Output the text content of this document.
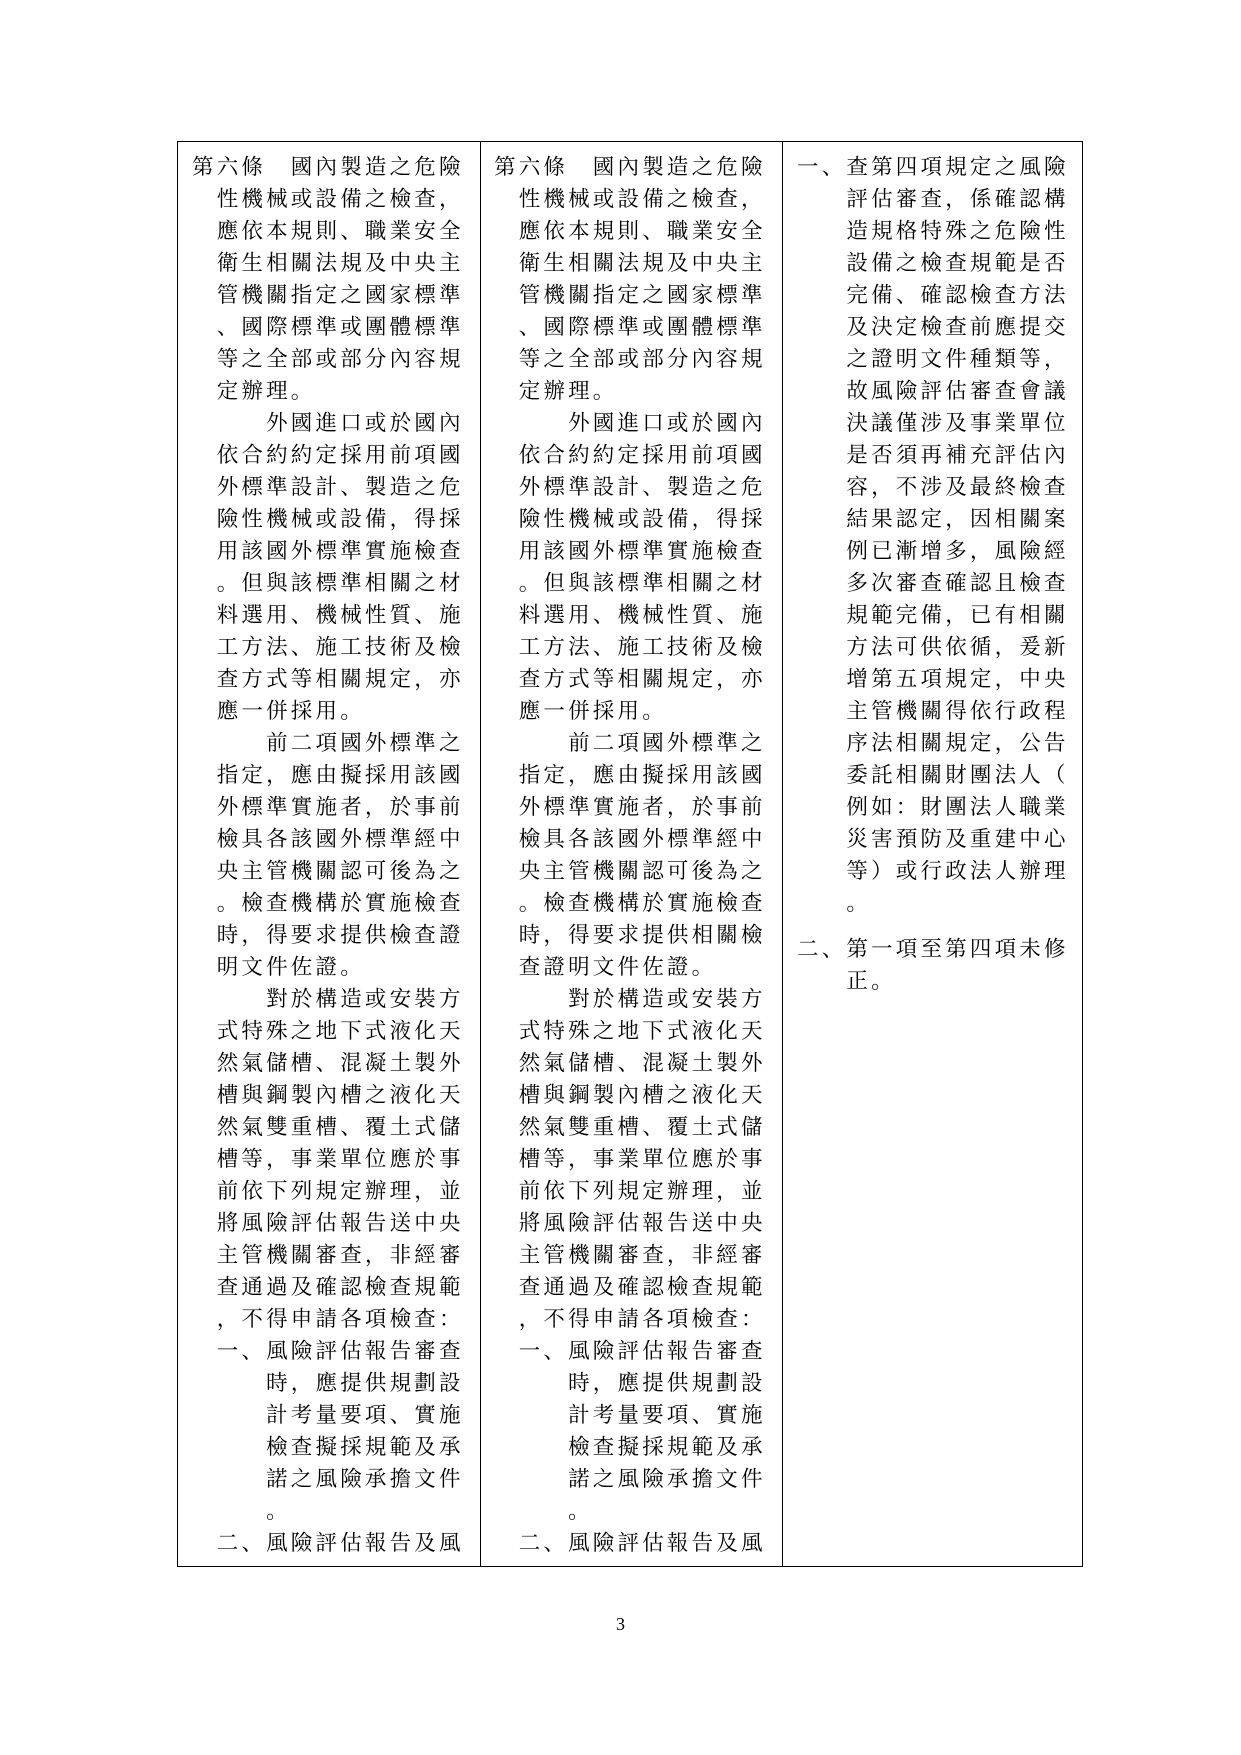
第六條　國內製造之危險
性機械或設備之檢查，
應依本規則、職業安全
衛生相關法規及中央主
管機關指定之國家標準
、國際標準或團體標準
等之全部或部分內容規
定辦理。
外國進口或於國內
依合約約定採用前項國
外標準設計、製造之危
險性機械或設備，得採
用該國外標準實施檢查
。但與該標準相關之材
料選用、機械性質、施
工方法、施工技術及檢
查方式等相關規定，亦
應一併採用。
前二項國外標準之
指定，應由擬採用該國
外標準實施者，於事前
檢具各該國外標準經中
央主管機關認可後為之
。檢查機構於實施檢查
時，得要求提供檢查證
明文件佐證。
對於構造或安裝方
式特殊之地下式液化天
然氣儲槽、混凝土製外
槽與鋼製內槽之液化天
然氣雙重槽、覆土式儲
槽等，事業單位應於事
前依下列規定辦理，並
將風險評估報告送中央
主管機關審查，非經審
查通過及確認檢查規範
，不得申請各項檢查：
一、風險評估報告審查
時，應提供規劃設
計考量要項、實施
檢查擬採規範及承
諾之風險承擔文件
。
二、風險評估報告及風
第六條　國內製造之危險
性機械或設備之檢查，
應依本規則、職業安全
衛生相關法規及中央主
管機關指定之國家標準
、國際標準或團體標準
等之全部或部分內容規
定辦理。
外國進口或於國內
依合約約定採用前項國
外標準設計、製造之危
險性機械或設備，得採
用該國外標準實施檢查
。但與該標準相關之材
料選用、機械性質、施
工方法、施工技術及檢
查方式等相關規定，亦
應一併採用。
前二項國外標準之
指定，應由擬採用該國
外標準實施者，於事前
檢具各該國外標準經中
央主管機關認可後為之
。檢查機構於實施檢查
時，得要求提供相關檢
查證明文件佐證。
對於構造或安裝方
式特殊之地下式液化天
然氣儲槽、混凝土製外
槽與鋼製內槽之液化天
然氣雙重槽、覆土式儲
槽等，事業單位應於事
前依下列規定辦理，並
將風險評估報告送中央
主管機關審查，非經審
查通過及確認檢查規範
，不得申請各項檢查：
一、風險評估報告審查
時，應提供規劃設
計考量要項、實施
檢查擬採規範及承
諾之風險承擔文件
。
二、風險評估報告及風
一、查第四項規定之風險
評估審查，係確認構
造規格特殊之危險性
設備之檢查規範是否
完備、確認檢查方法
及決定檢查前應提交
之證明文件種類等，
故風險評估審查會議
決議僅涉及事業單位
是否須再補充評估內
容，不涉及最終檢查
結果認定，因相關案
例已漸增多，風險經
多次審查確認且檢查
規範完備，已有相關
方法可供依循，爰新
增第五項規定，中央
主管機關得依行政程
序法相關規定，公告
委託相關財團法人（
例如：財團法人職業
災害預防及重建中心
等）或行政法人辦理
。
二、第一項至第四項未修
正。
3
